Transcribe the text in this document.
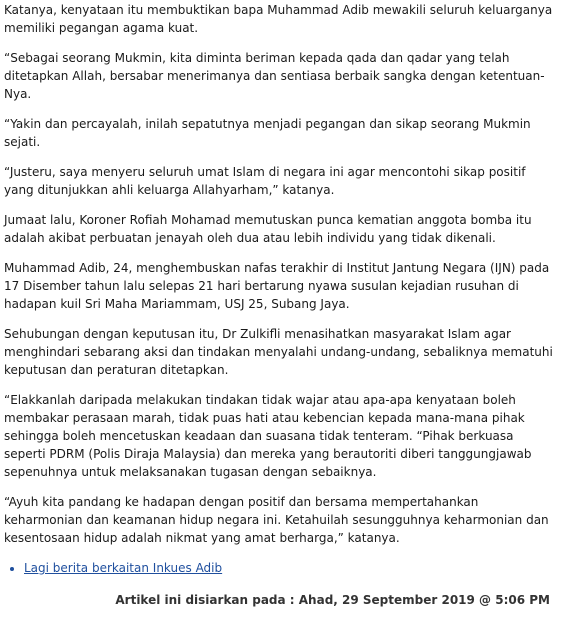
Katanya, kenyataan itu membuktikan bapa Muhammad Adib mewakili seluruh keluarganya memiliki pegangan agama kuat.

“Sebagai seorang Mukmin, kita diminta beriman kepada qada dan qadar yang telah ditetapkan Allah, bersabar menerimanya dan sentiasa berbaik sangka dengan ketentuan-Nya.

“Yakin dan percayalah, inilah sepatutnya menjadi pegangan dan sikap seorang Mukmin sejati.

“Justeru, saya menyeru seluruh umat Islam di negara ini agar mencontohi sikap positif yang ditunjukkan ahli keluarga Allahyarham,” katanya.

Jumaat lalu, Koroner Rofiah Mohamad memutuskan punca kematian anggota bomba itu adalah akibat perbuatan jenayah oleh dua atau lebih individu yang tidak dikenali.

Muhammad Adib, 24, menghembuskan nafas terakhir di Institut Jantung Negara (IJN) pada 17 Disember tahun lalu selepas 21 hari bertarung nyawa susulan kejadian rusuhan di hadapan kuil Sri Maha Mariammam, USJ 25, Subang Jaya.

Sehubungan dengan keputusan itu, Dr Zulkifli menasihatkan masyarakat Islam agar menghindari sebarang aksi dan tindakan menyalahi undang-undang, sebaliknya mematuhi keputusan dan peraturan ditetapkan.

“Elakkanlah daripada melakukan tindakan tidak wajar atau apa-apa kenyataan boleh membakar perasaan marah, tidak puas hati atau kebencian kepada mana-mana pihak sehingga boleh mencetuskan keadaan dan suasana tidak tenteram. “Pihak berkuasa seperti PDRM (Polis Diraja Malaysia) dan mereka yang berautoriti diberi tanggungjawab sepenuhnya untuk melaksanakan tugasan dengan sebaiknya.

“Ayuh kita pandang ke hadapan dengan positif dan bersama mempertahankan keharmonian dan keamanan hidup negara ini. Ketahuilah sesungguhnya keharmonian dan kesentosaan hidup adalah nikmat yang amat berharga,” katanya.

• Lagi berita berkaitan Inkues Adib

Artikel ini disiarkan pada : Ahad, 29 September 2019 @ 5:06 PM
